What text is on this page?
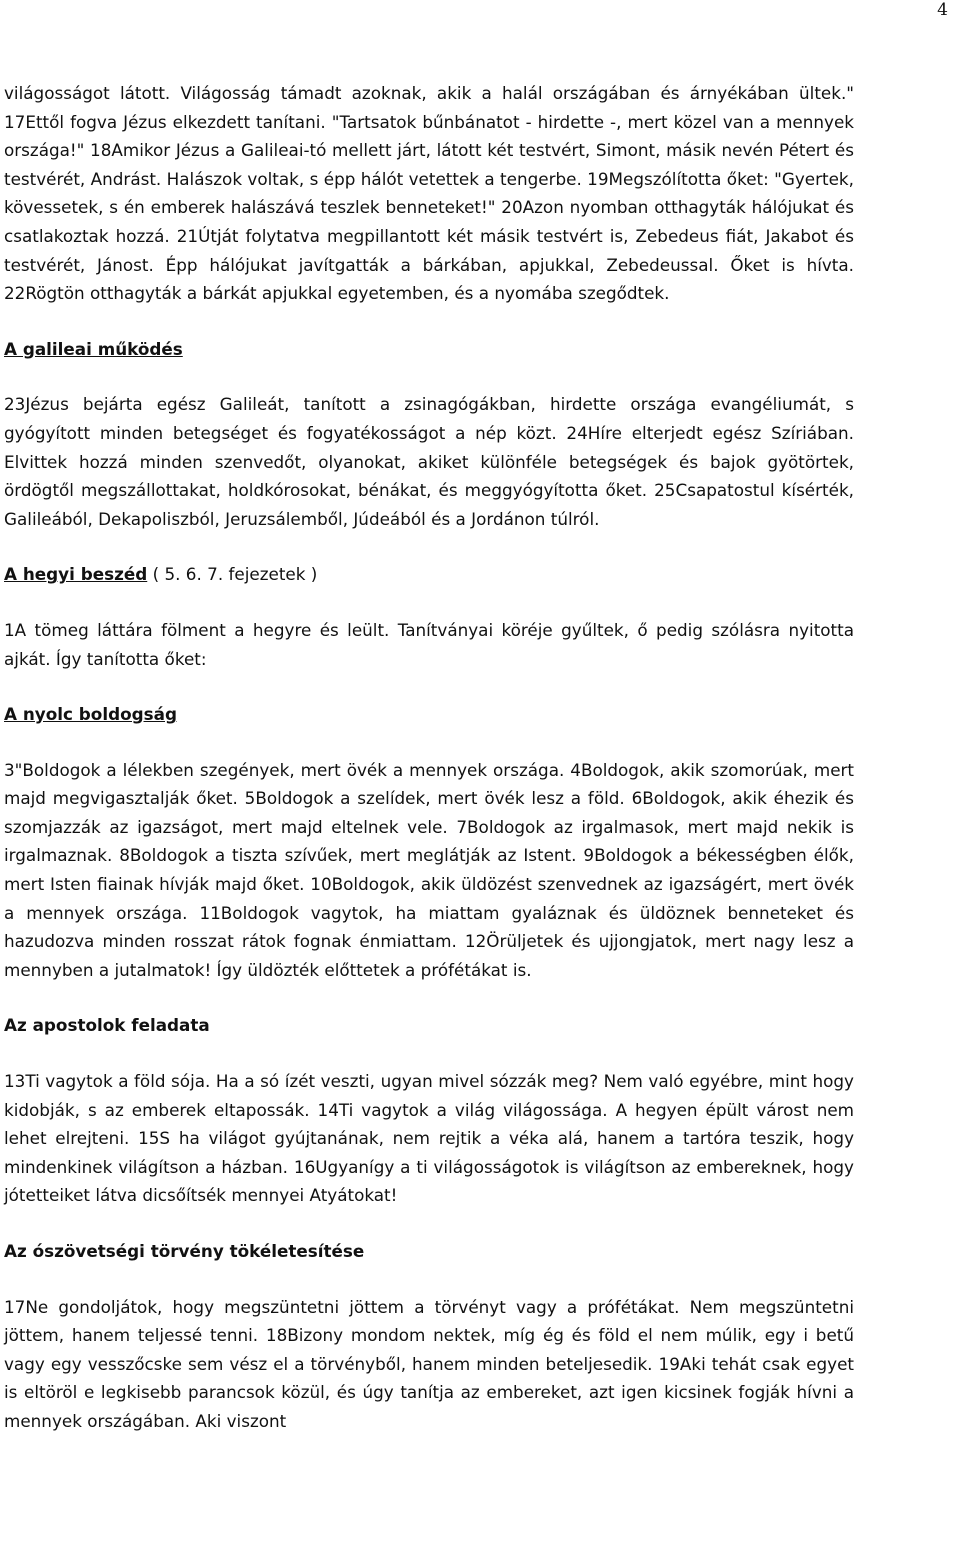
4

világosságot látott. Világosság támadt azoknak, akik a halál országában és árnyékában ültek." 17Ettől fogva Jézus elkezdett tanítani. "Tartsatok bűnbánatot - hirdette -, mert közel van a mennyek országa!" 18Amikor Jézus a Galileai-tó mellett járt, látott két testvért, Simont, másik nevén Pétert és testvérét, Andrást. Halászok voltak, s épp hálót vetettek a tengerbe. 19Megszólította őket: "Gyertek, kövessetek, s én emberek halászává teszlek benneteket!" 20Azon nyomban otthagyták hálójukat és csatlakoztak hozzá. 21Útját folytatva megpillantott két másik testvért is, Zebedeus fiát, Jakabot és testvérét, Jánost. Épp hálójukat javítgatták a bárkában, apjukkal, Zebedeussal. Őket is hívta. 22Rögtön otthagyták a bárkát apjukkal egyetemben, és a nyomába szegődtek.

A galileai működés

23Jézus bejárta egész Galileát, tanított a zsinagógákban, hirdette országa evangéliumát, s gyógyított minden betegséget és fogyatékosságot a nép közt. 24Híre elterjedt egész Szíriában. Elvittek hozzá minden szenvedőt, olyanokat, akiket különféle betegségek és bajok gyötörtek, ördögtől megszállottakat, holdkórosokat, bénákat, és meggyógyította őket. 25Csapatostul kísérték, Galileából, Dekapoliszból, Jeruzsálemből, Júdeából és a Jordánon túlról.

A hegyi beszéd ( 5. 6. 7. fejezetek )

1A tömeg láttára fölment a hegyre és leült. Tanítványai köréje gyűltek, ő pedig szólásra nyitotta ajkát. Így tanította őket:

A nyolc boldogság

3"Boldogok a lélekben szegények, mert övék a mennyek országa. 4Boldogok, akik szomorúak, mert majd megvigasztalják őket. 5Boldogok a szelídek, mert övék lesz a föld. 6Boldogok, akik éhezik és szomjazzák az igazságot, mert majd eltelnek vele. 7Boldogok az irgalmasok, mert majd nekik is irgalmaznak. 8Boldogok a tiszta szívűek, mert meglátják az Istent. 9Boldogok a békességben élők, mert Isten fiainak hívják majd őket. 10Boldogok, akik üldözést szenvednek az igazságért, mert övék a mennyek országa. 11Boldogok vagytok, ha miattam gyaláznak és üldöznek benneteket és hazudozva minden rosszat rátok fognak énmiattam. 12Örüljetek és ujjongjatok, mert nagy lesz a mennyben a jutalmatok! Így üldözték előttetek a prófétákat is.

Az apostolok feladata

13Ti vagytok a föld sója. Ha a só ízét veszti, ugyan mivel sózzák meg? Nem való egyébre, mint hogy kidobják, s az emberek eltapossák. 14Ti vagytok a világ világossága. A hegyen épült várost nem lehet elrejteni. 15S ha világot gyújtanának, nem rejtik a véka alá, hanem a tartóra teszik, hogy mindenkinek világítson a házban. 16Ugyanígy a ti világosságotok is világítson az embereknek, hogy jótetteiket látva dicsőítsék mennyei Atyátokat!

Az ószövetségi törvény tökéletesítése

17Ne gondoljátok, hogy megszüntetni jöttem a törvényt vagy a prófétákat. Nem megszüntetni jöttem, hanem teljessé tenni. 18Bizony mondom nektek, míg ég és föld el nem múlik, egy i betű vagy egy vesszőcske sem vész el a törvényből, hanem minden beteljesedik. 19Aki tehát csak egyet is eltöröl e legkisebb parancsok közül, és úgy tanítja az embereket, azt igen kicsinek fogják hívni a mennyek országában. Aki viszont
